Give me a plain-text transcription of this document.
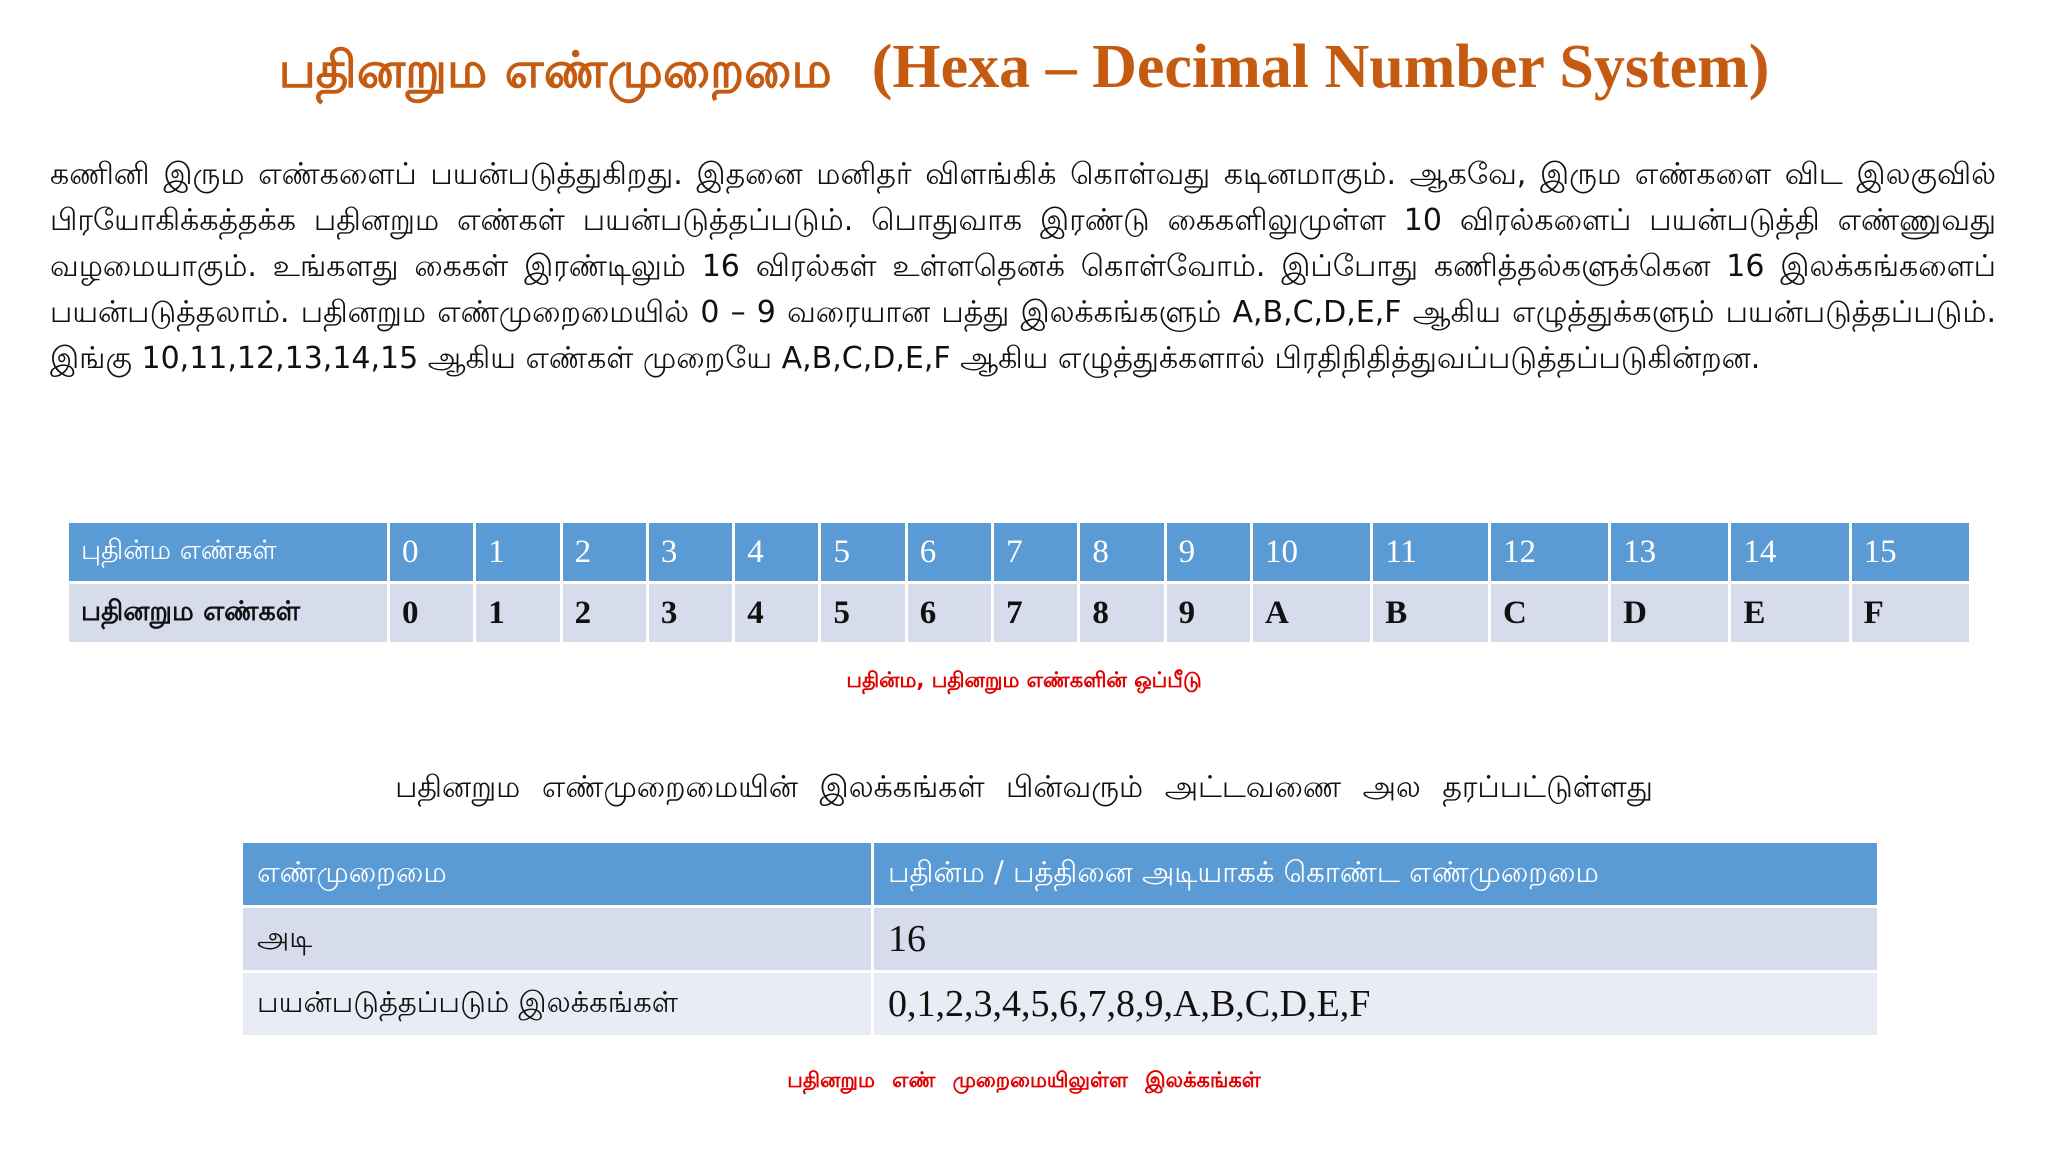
பதினறும எண்முறைமை (Hexa – Decimal Number System)

கணினி இரும எண்களைப் பயன்படுத்துகிறது. இதனை மனிதர் விளங்கிக் கொள்வது கடினமாகும். ஆகவே, இரும எண்களை விட இலகுவில் பிரயோகிக்கத்தக்க பதினறும எண்கள் பயன்படுத்தப்படும். பொதுவாக இரண்டு கைகளிலுமுள்ள 10 விரல்களைப் பயன்படுத்தி எண்ணுவது வழமையாகும். உங்களது கைகள் இரண்டிலும் 16 விரல்கள் உள்ளதெனக் கொள்வோம். இப்போது கணித்தல்களுக்கென 16 இலக்கங்களைப் பயன்படுத்தலாம். பதினறும எண்முறைமையில் 0 – 9 வரையான பத்து இலக்கங்களும் A,B,C,D,E,F ஆகிய எழுத்துக்களும் பயன்படுத்தப்படும். இங்கு 10,11,12,13,14,15 ஆகிய எண்கள் முறையே A,B,C,D,E,F ஆகிய எழுத்துக்களால் பிரதிநிதித்துவப்படுத்தப்படுகின்றன.

புதின்ம எண்கள்	0	1	2	3	4	5	6	7	8	9	10	11	12	13	14	15
பதினறும எண்கள்	0	1	2	3	4	5	6	7	8	9	A	B	C	D	E	F
பதின்ம, பதினறும எண்களின் ஒப்பீடு
பதினறும எண்முறைமையின் இலக்கங்கள் பின்வரும் அட்டவணை அல தரப்பட்டுள்ளது
எண்முறைமை	பதின்ம / பத்தினை அடியாகக் கொண்ட எண்முறைமை
அடி	16
பயன்படுத்தப்படும் இலக்கங்கள்	0,1,2,3,4,5,6,7,8,9,A,B,C,D,E,F
பதினறும எண் முறைமையிலுள்ள இலக்கங்கள்
